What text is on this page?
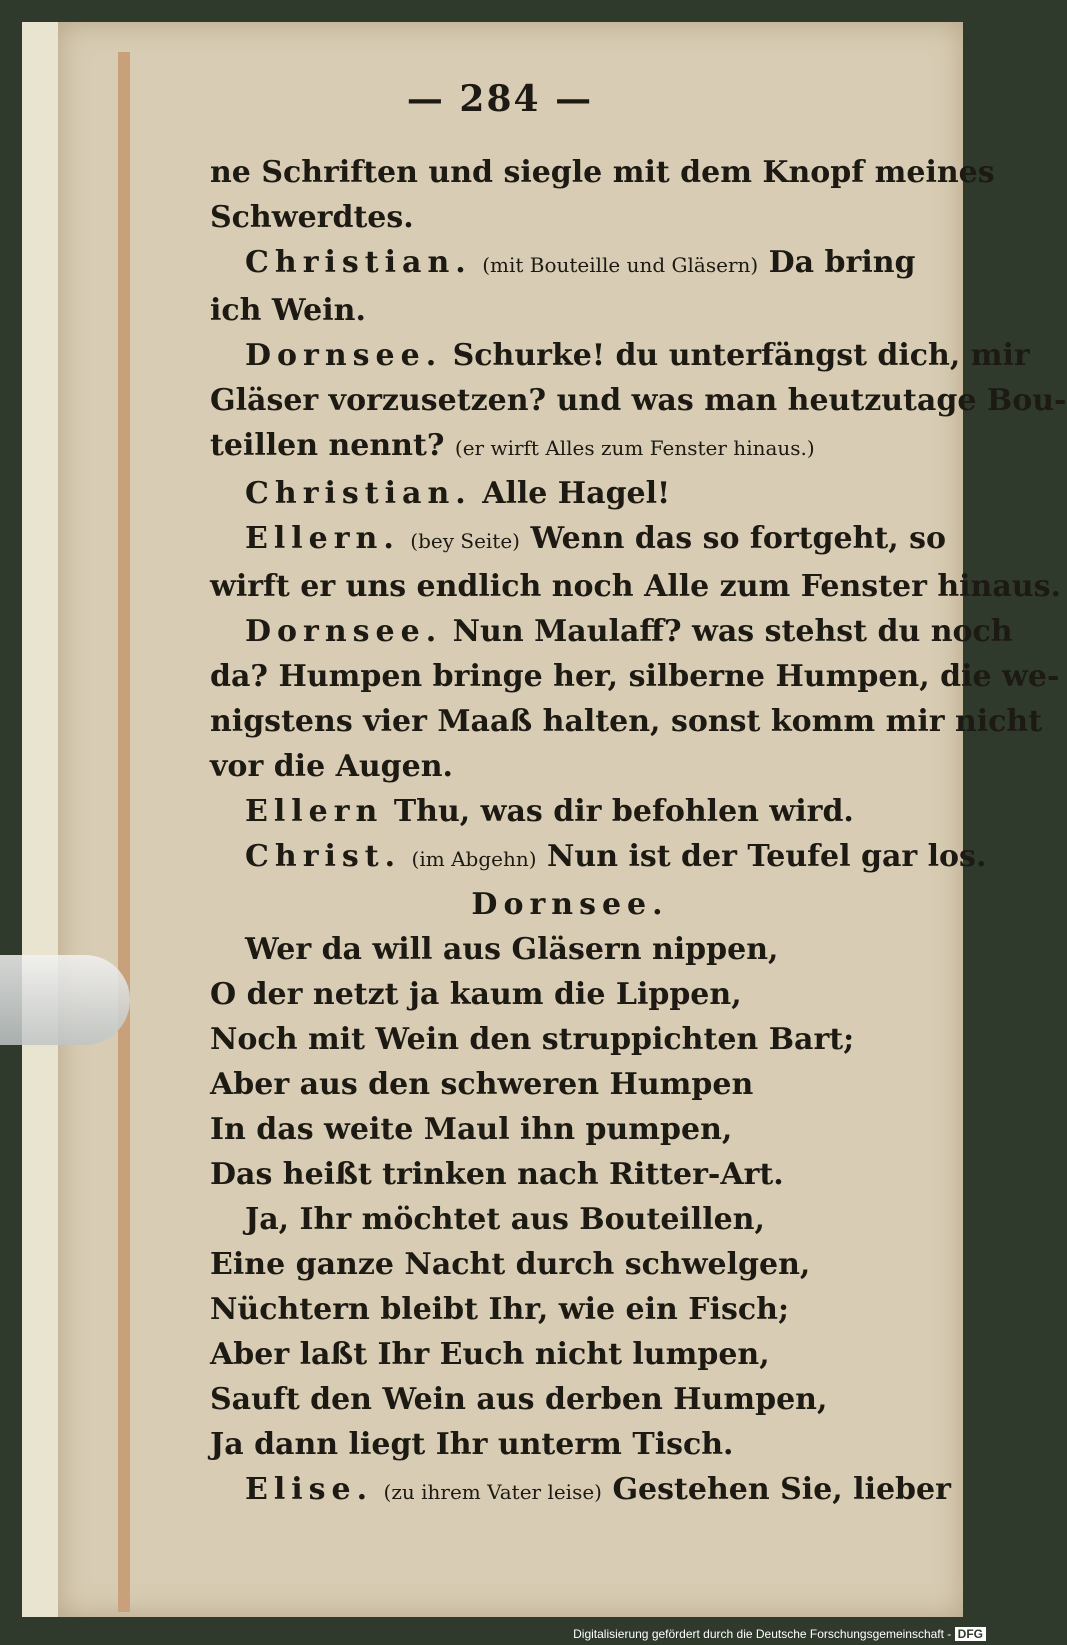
— 284 —
ne Schriften und siegle mit dem Knopf meines
Schwerdtes.
Christian. (mit Bouteille und Gläsern) Da bring
ich Wein.
Dornsee. Schurke! du unterfängst dich, mir
Gläser vorzusetzen? und was man heutzutage Bou-
teillen nennt? (er wirft Alles zum Fenster hinaus.)
Christian. Alle Hagel!
Ellern. (bey Seite) Wenn das so fortgeht, so
wirft er uns endlich noch Alle zum Fenster hinaus.
Dornsee. Nun Maulaff? was stehst du noch
da? Humpen bringe her, silberne Humpen, die we-
nigstens vier Maaß halten, sonst komm mir nicht
vor die Augen.
Ellern Thu, was dir befohlen wird.
Christ. (im Abgehn) Nun ist der Teufel gar los.
Dornsee.
Wer da will aus Gläsern nippen,
O der netzt ja kaum die Lippen,
Noch mit Wein den struppichten Bart;
Aber aus den schweren Humpen
In das weite Maul ihn pumpen,
Das heißt trinken nach Ritter-Art.
Ja, Ihr möchtet aus Bouteillen,
Eine ganze Nacht durch schwelgen,
Nüchtern bleibt Ihr, wie ein Fisch;
Aber laßt Ihr Euch nicht lumpen,
Sauft den Wein aus derben Humpen,
Ja dann liegt Ihr unterm Tisch.
Elise. (zu ihrem Vater leise) Gestehen Sie, lieber
Digitalisierung gefördert durch die Deutsche Forschungsgemeinschaft - DFG
